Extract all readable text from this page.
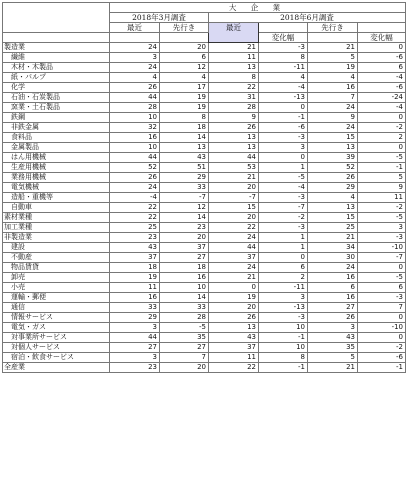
	大 企 業					
	2018年3月調査		2018年6月調査			
	最近	先行き	最近		先行き	
				変化幅		変化幅
製造業	24	20	21	-3	21	0
繊維	3	6	11	8	5	-6
木材・木製品	24	12	13	-11	19	6
紙・パルプ	4	4	8	4	4	-4
化学	26	17	22	-4	16	-6
石油・石炭製品	44	19	31	-13	7	-24
窯業・土石製品	28	19	28	0	24	-4
鉄鋼	10	8	9	-1	9	0
非鉄金属	32	18	26	-6	24	-2
食料品	16	14	13	-3	15	2
金属製品	10	13	13	3	13	0
はん用機械	44	43	44	0	39	-5
生産用機械	52	51	53	1	52	-1
業務用機械	26	29	21	-5	26	5
電気機械	24	33	20	-4	29	9
造船・重機等	-4	-7	-7	-3	4	11
自動車	22	12	15	-7	13	-2
素材業種	22	14	20	-2	15	-5
加工業種	25	23	22	-3	25	3
非製造業	23	20	24	1	21	-3
建設	43	37	44	1	34	-10
不動産	37	27	37	0	30	-7
物品賃貸	18	18	24	6	24	0
卸売	19	16	21	2	16	-5
小売	11	10	0	-11	6	6
運輸・郵便	16	14	19	3	16	-3
通信	33	33	20	-13	27	7
情報サービス	29	28	26	-3	26	0
電気・ガス	3	-5	13	10	3	-10
対事業所サービス	44	35	43	-1	43	0
対個人サービス	27	27	37	10	35	-2
宿泊・飲食サービス	3	7	11	8	5	-6
全産業	23	20	22	-1	21	-1
